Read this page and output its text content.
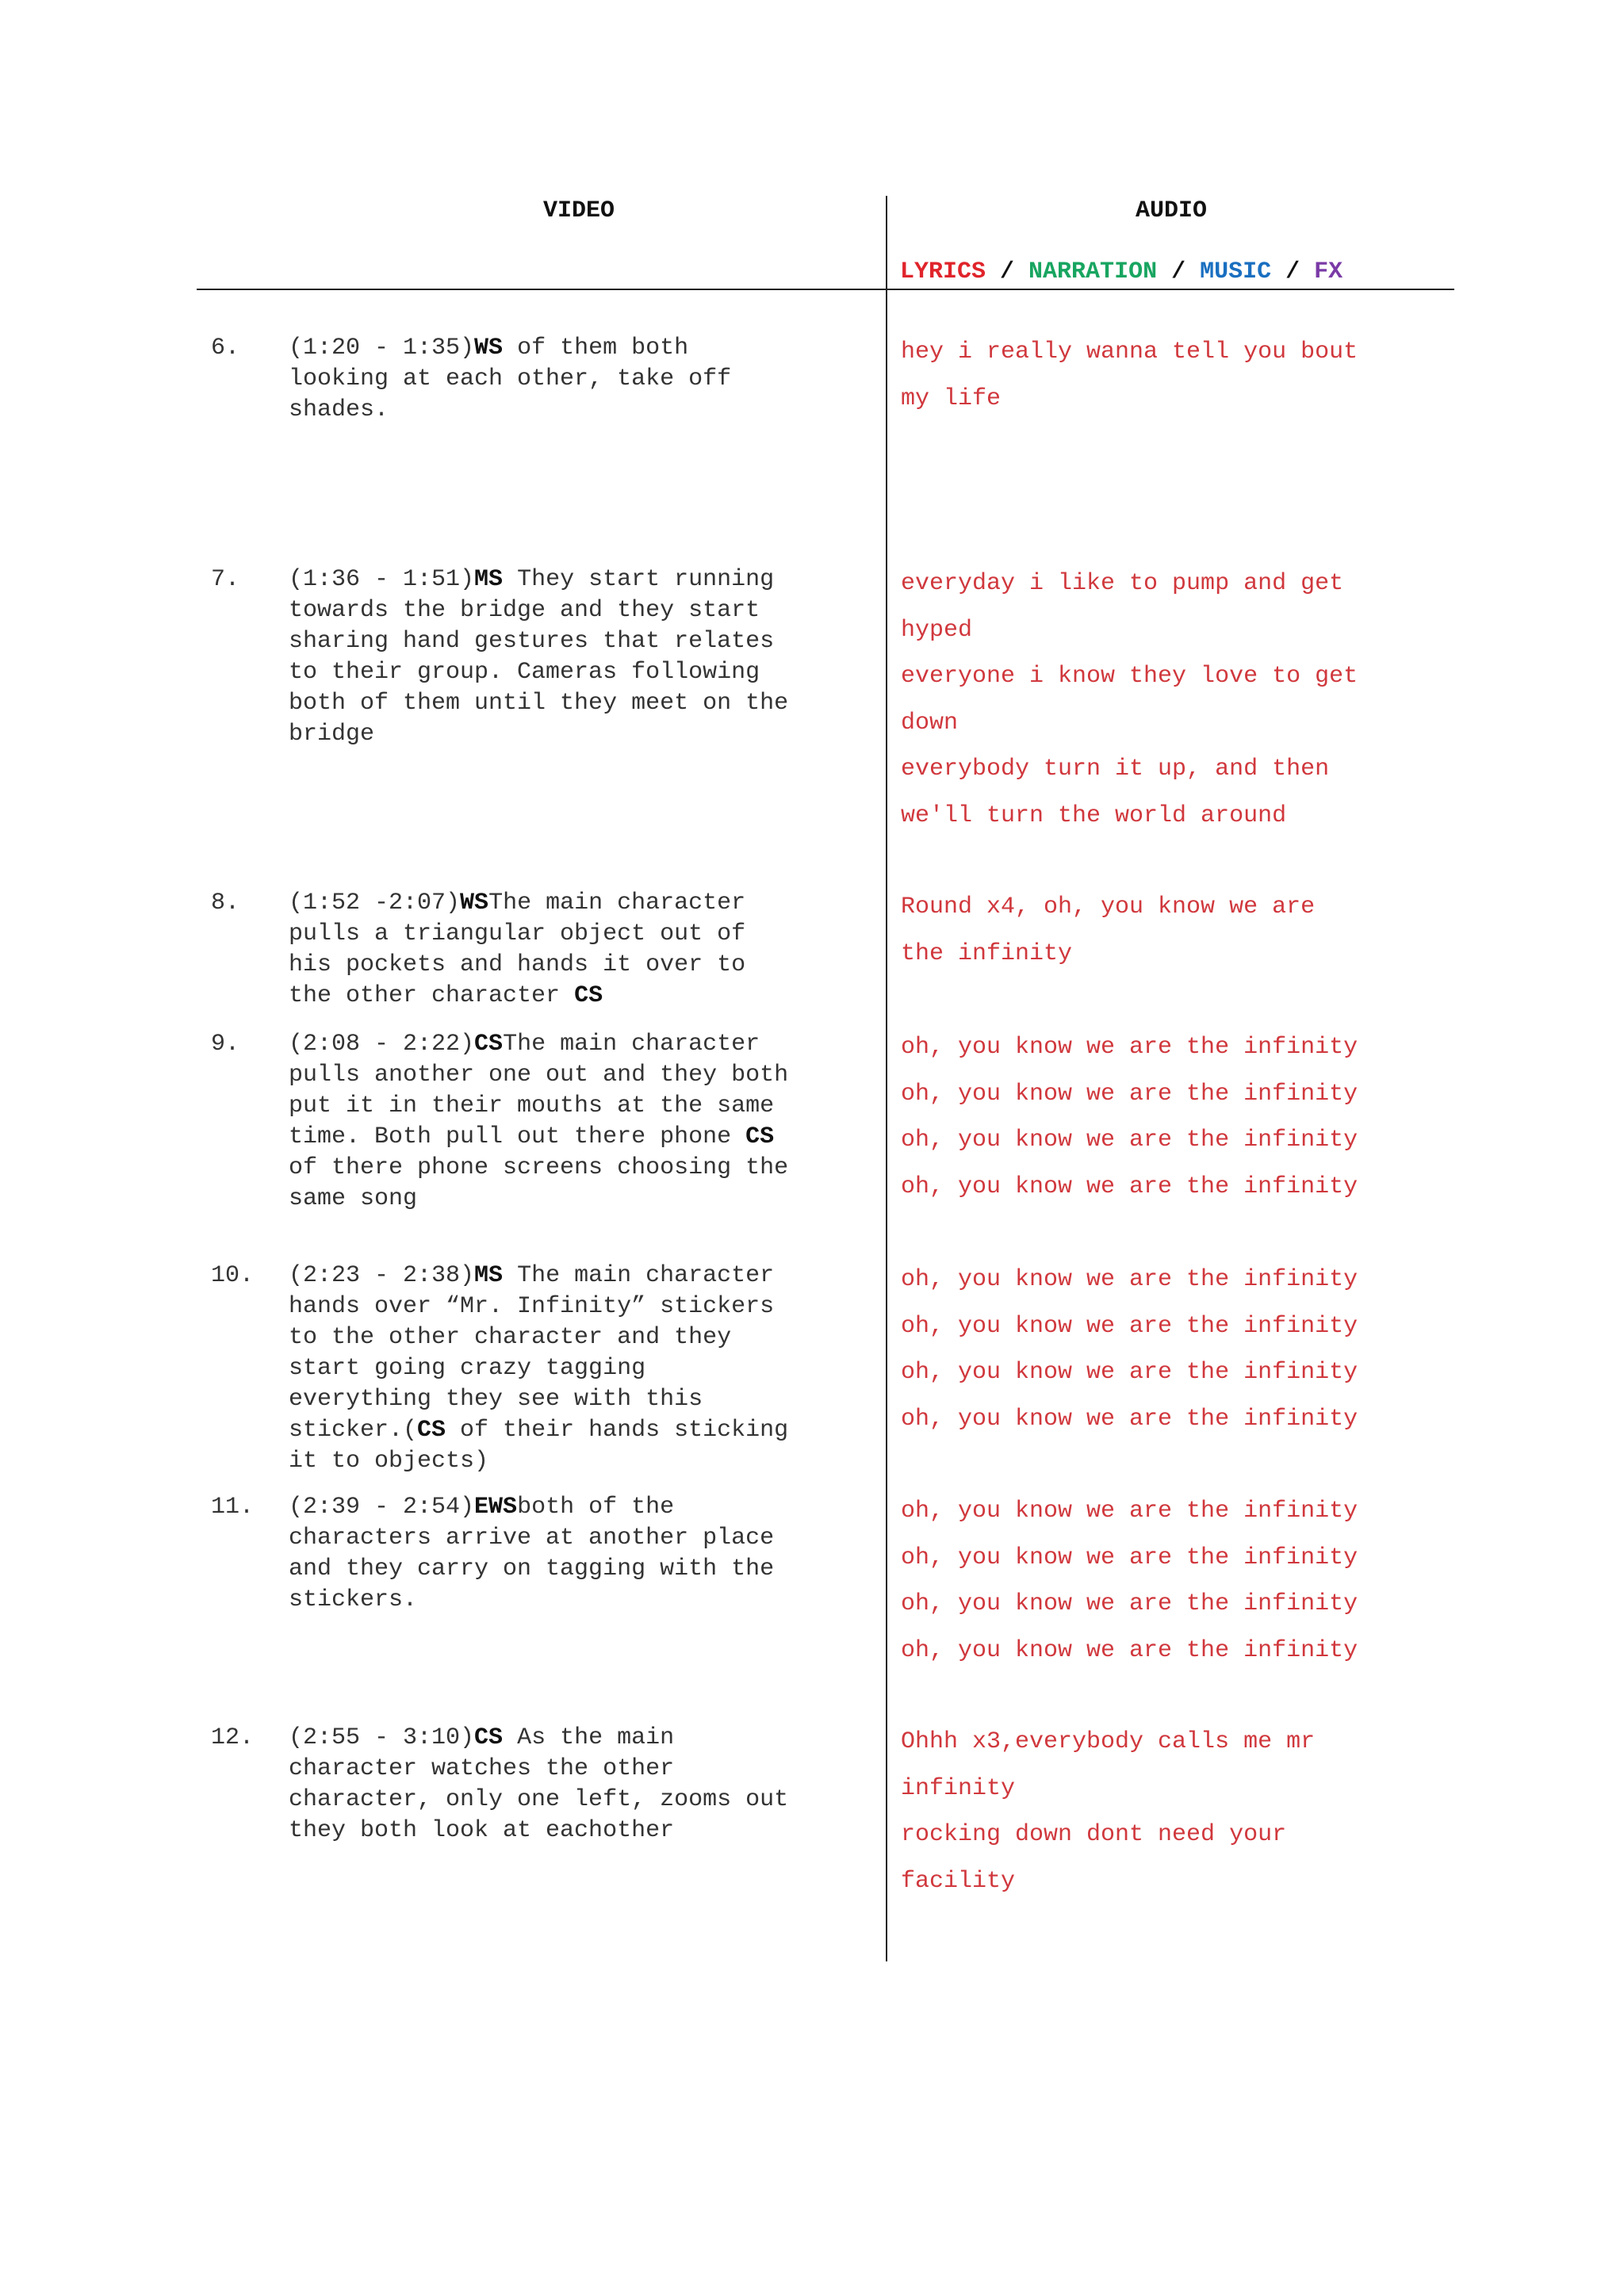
VIDEO	AUDIO
LYRICS / NARRATION / MUSIC / FX
6. (1:20 - 1:35)WS of them both
looking at each other, take off
shades.
hey i really wanna tell you bout
my life
7. (1:36 - 1:51)MS They start running
towards the bridge and they start
sharing hand gestures that relates
to their group. Cameras following
both of them until they meet on the
bridge
everyday i like to pump and get
hyped
everyone i know they love to get
down
everybody turn it up, and then
we'll turn the world around
8. (1:52 -2:07)WSThe main character
pulls a triangular object out of
his pockets and hands it over to
the other character CS
Round x4, oh, you know we are
the infinity
9. (2:08 - 2:22)CSThe main character
pulls another one out and they both
put it in their mouths at the same
time. Both pull out there phone CS
of there phone screens choosing the
same song
oh, you know we are the infinity
oh, you know we are the infinity
oh, you know we are the infinity
oh, you know we are the infinity
10. (2:23 - 2:38)MS The main character
hands over “Mr. Infinity” stickers
to the other character and they
start going crazy tagging
everything they see with this
sticker.(CS of their hands sticking
it to objects)
oh, you know we are the infinity
oh, you know we are the infinity
oh, you know we are the infinity
oh, you know we are the infinity
11. (2:39 - 2:54)EWSboth of the
characters arrive at another place
and they carry on tagging with the
stickers.
oh, you know we are the infinity
oh, you know we are the infinity
oh, you know we are the infinity
oh, you know we are the infinity
12. (2:55 - 3:10)CS As the main
character watches the other
character, only one left, zooms out
they both look at eachother
Ohhh x3,everybody calls me mr
infinity
rocking down dont need your
facility
